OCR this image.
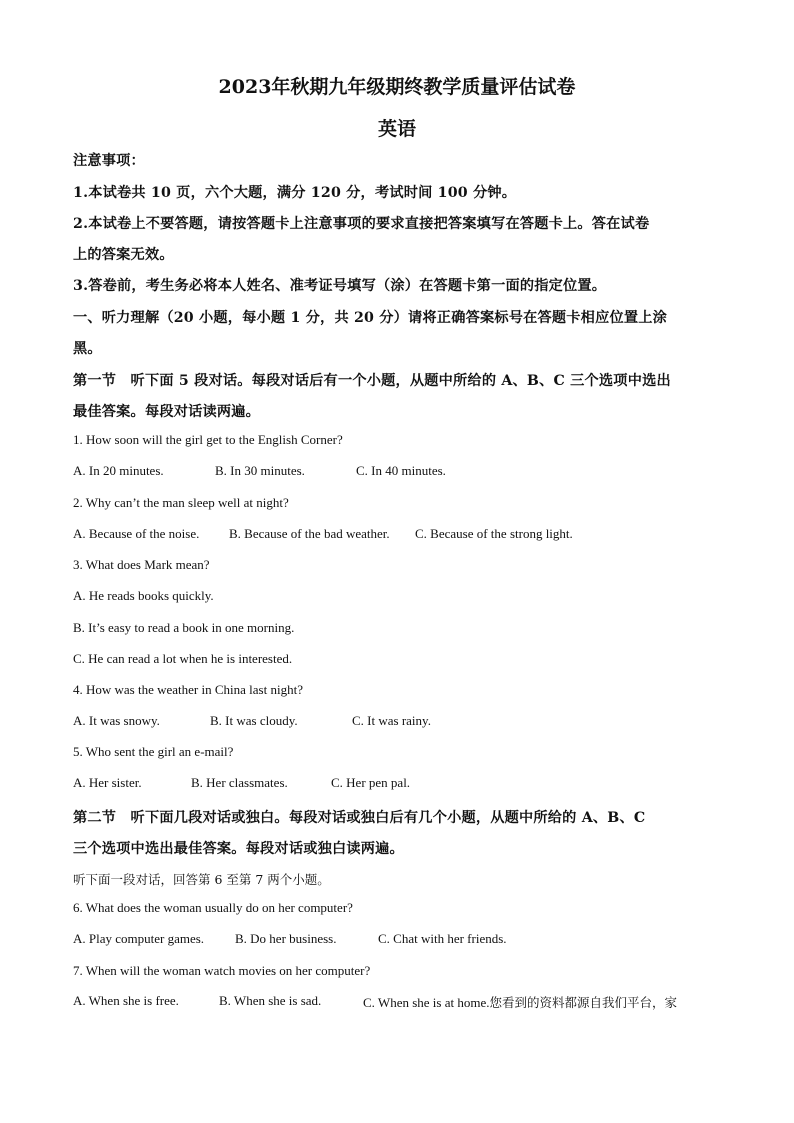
2023年秋期九年级期终教学质量评估试卷
英语
注意事项：
1.本试卷共 10 页，六个大题，满分 120 分，考试时间 100 分钟。
2.本试卷上不要答题，请按答题卡上注意事项的要求直接把答案填写在答题卡上。答在试卷
上的答案无效。
3.答卷前，考生务必将本人姓名、准考证号填写（涂）在答题卡第一面的指定位置。
一、听力理解（20 小题，每小题 1 分，共 20 分）请将正确答案标号在答题卡相应位置上涂
黑。
第一节　听下面 5 段对话。每段对话后有一个小题，从题中所给的 A、B、C 三个选项中选出
最佳答案。每段对话读两遍。
1. How soon will the girl get to the English Corner?
A. In 20 minutes.	B. In 30 minutes.	C. In 40 minutes.
2. Why can’t the man sleep well at night?
A. Because of the noise. B. Because of the bad weather. C. Because of the strong light.
3. What does Mark mean?
A. He reads books quickly.
B. It’s easy to read a book in one morning.
C. He can read a lot when he is interested.
4. How was the weather in China last night?
A. It was snowy.	B. It was cloudy.	C. It was rainy.
5. Who sent the girl an e-mail?
A. Her sister.	B. Her classmates.	C. Her pen pal.
第二节　听下面几段对话或独白。每段对话或独白后有几个小题，从题中所给的 A、B、C
三个选项中选出最佳答案。每段对话或独白读两遍。
听下面一段对话，回答第 6 至第 7 两个小题。
6. What does the woman usually do on her computer?
A. Play computer games. B. Do her business.	C. Chat with her friends.
7. When will the woman watch movies on her computer?
A. When she is free.	B. When she is sad.	C. When she is at home.您看到的资料都源自我们平台，家
